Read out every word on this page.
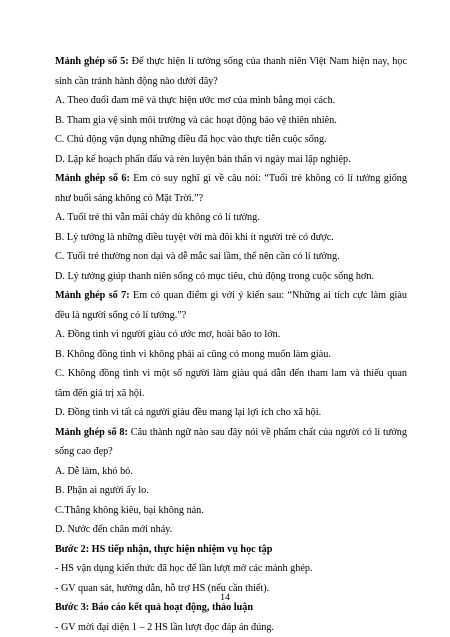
Mảnh ghép số 5: Để thực hiện lí tưởng sống của thanh niên Việt Nam hiện nay, học sinh cần tránh hành động nào dưới đây?

A. Theo đuổi đam mê và thực hiện ước mơ của mình bằng mọi cách.

B. Tham gia vệ sinh môi trường và các hoạt động bảo vệ thiên nhiên.

C. Chủ động vận dụng những điều đã học vào thực tiễn cuộc sống.

D. Lập kế hoạch phấn đấu và rèn luyện bản thân vì ngày mai lập nghiệp.

Mảnh ghép số 6: Em có suy nghĩ gì về câu nói: “Tuổi trẻ không có lí tưởng giống như buổi sáng không có Mặt Trời.”?

A. Tuổi trẻ thì vẫn mãi cháy dù không có lí tưởng.

B. Lý tưởng là những điều tuyệt vời mà đôi khi ít người trẻ có được.

C. Tuổi trẻ thường non dại và dễ mắc sai lầm, thế nên cần có lí tưởng.

D. Lý tưởng giúp thanh niên sống có mục tiêu, chủ động trong cuộc sống hơn.

Mảnh ghép số 7: Em có quan điểm gì với ý kiến sau: “Những ai tích cực làm giàu đều là người sống có lí tưởng.”?

A. Đồng tình vì người giàu có ước mơ, hoài bão to lớn.

B. Không đồng tình vì không phải ai cũng có mong muốn làm giàu.

C. Không đồng tình vì một số người làm giàu quá dẫn đến tham lam và thiếu quan tâm đến giá trị xã hội.

D. Đồng tình vì tất cả người giàu đều mang lại lợi ích cho xã hội.

Mảnh ghép số 8: Câu thành ngữ nào sau đây nói về phẩm chất của người có lí tưởng sống cao đẹp?

A. Dễ làm, khó bỏ.

B. Phận ai người ấy lo.

C.Thắng không kiêu, bại không nản.

D. Nước đến chân mới nhảy.

Bước 2: HS tiếp nhận, thực hiện nhiệm vụ học tập

- HS vận dụng kiến thức đã học để lần lượt mở các mảnh ghép.

- GV quan sát, hướng dẫn, hỗ trợ HS (nếu cần thiết).

Bước 3: Báo cáo kết quả hoạt động, thảo luận

- GV mời đại diện 1 – 2 HS lần lượt đọc đáp án đúng.

14
